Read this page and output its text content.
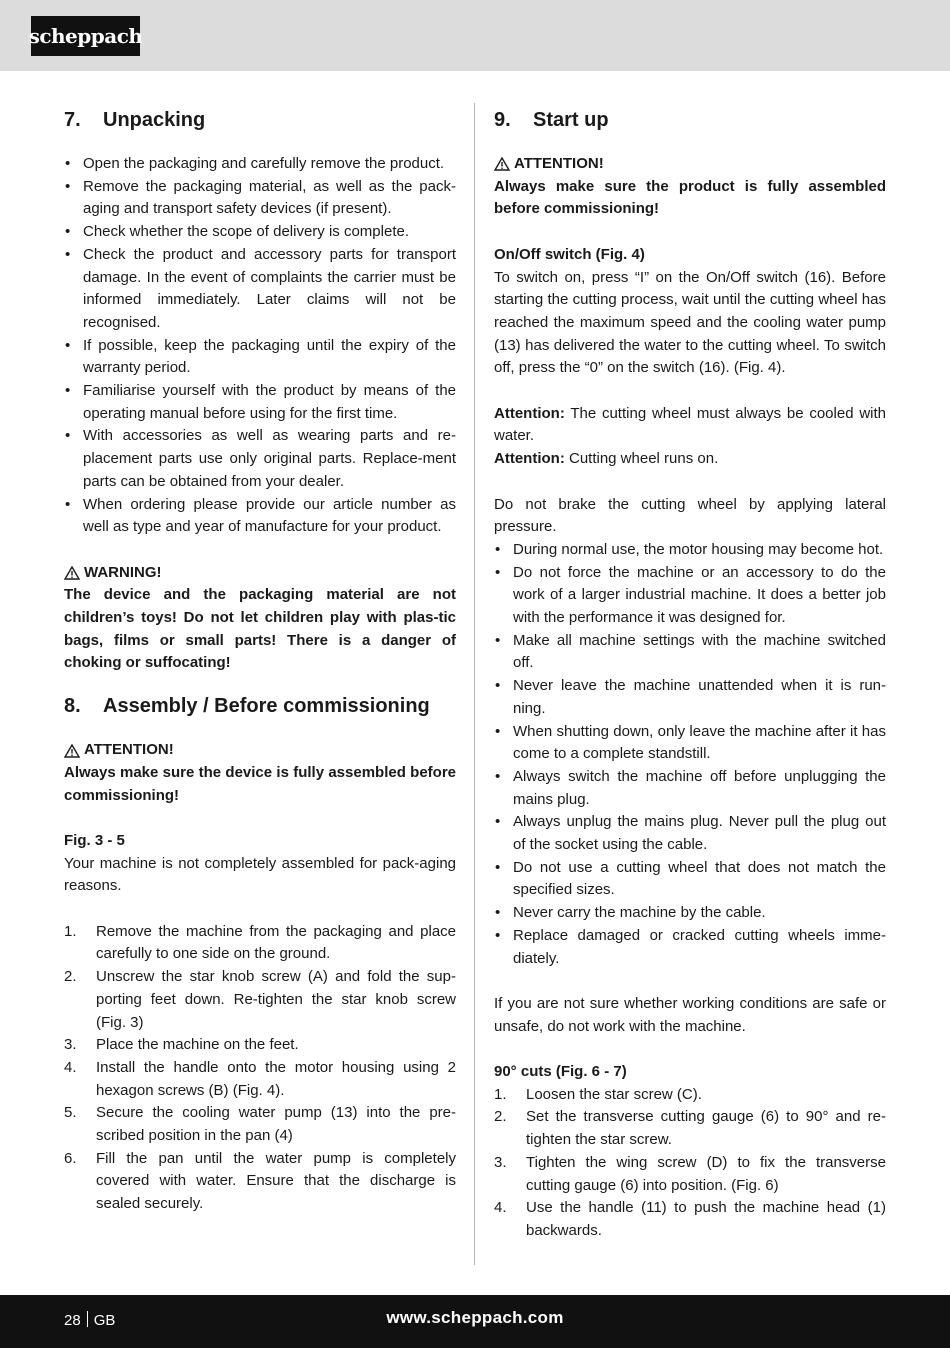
scheppach
7.	Unpacking
• Open the packaging and carefully remove the product.
• Remove the packaging material, as well as the pack-aging and transport safety devices (if present).
• Check whether the scope of delivery is complete.
• Check the product and accessory parts for transport damage. In the event of complaints the carrier must be informed immediately. Later claims will not be recognised.
• If possible, keep the packaging until the expiry of the warranty period.
• Familiarise yourself with the product by means of the operating manual before using for the first time.
• With accessories as well as wearing parts and re-placement parts use only original parts. Replace-ment parts can be obtained from your dealer.
• When ordering please provide our article number as well as type and year of manufacture for your product.
WARNING!

The device and the packaging material are not children’s toys! Do not let children play with plas-tic bags, films or small parts! There is a danger of choking or suffocating!

8.	Assembly / Before commissioning
ATTENTION!

Always make sure the device is fully assembled before commissioning!

Fig. 3 - 5

Your machine is not completely assembled for pack-aging reasons.

1.	Remove the machine from the packaging and place carefully to one side on the ground.
2.	Unscrew the star knob screw (A) and fold the sup-porting feet down. Re-tighten the star knob screw (Fig. 3)
3.	Place the machine on the feet.
4.	Install the handle onto the motor housing using 2 hexagon screws (B) (Fig. 4).
5.	Secure the cooling water pump (13) into the pre-scribed position in the pan (4)
6.	Fill the pan until the water pump is completely covered with water. Ensure that the discharge is sealed securely.
9.	Start up
ATTENTION!

Always make sure the product is fully assembled before commissioning!

On/Off switch (Fig. 4)

To switch on, press “I” on the On/Off switch (16). Before starting the cutting process, wait until the cutting wheel has reached the maximum speed and the cooling water pump (13) has delivered the water to the cutting wheel. To switch off, press the “0” on the switch (16). (Fig. 4).

Attention: The cutting wheel must always be cooled with water.

Attention: Cutting wheel runs on.

Do not brake the cutting wheel by applying lateral pressure.

• During normal use, the motor housing may become hot.
• Do not force the machine or an accessory to do the work of a larger industrial machine. It does a better job with the performance it was designed for.
• Make all machine settings with the machine switched off.
• Never leave the machine unattended when it is run-ning.
• When shutting down, only leave the machine after it has come to a complete standstill.
• Always switch the machine off before unplugging the mains plug.
• Always unplug the mains plug. Never pull the plug out of the socket using the cable.
• Do not use a cutting wheel that does not match the specified sizes.
• Never carry the machine by the cable.
• Replace damaged or cracked cutting wheels imme-diately.

If you are not sure whether working conditions are safe or unsafe, do not work with the machine.

90° cuts (Fig. 6 - 7)

1.	Loosen the star screw (C).
2.	Set the transverse cutting gauge (6) to 90° and re-tighten the star screw.
3.	Tighten the wing screw (D) to fix the transverse cutting gauge (6) into position. (Fig. 6)
4.	Use the handle (11) to push the machine head (1) backwards.
28 GB	www.scheppach.com
